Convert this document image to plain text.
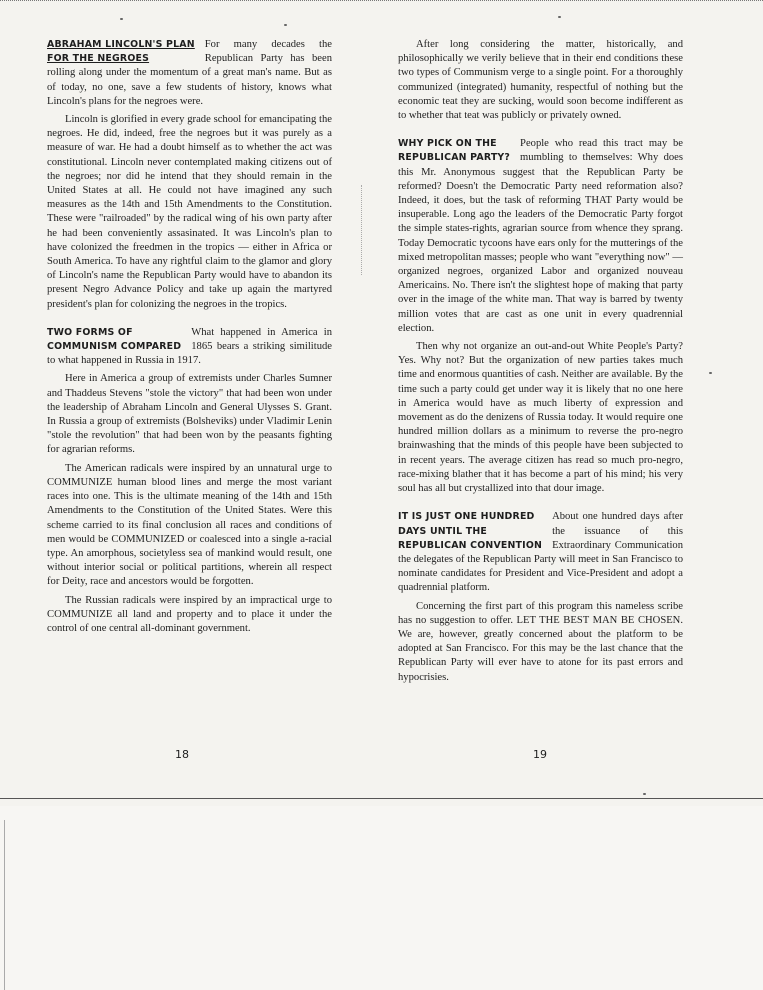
ABRAHAM LINCOLN'S PLAN
FOR THE NEGROES

For many decades the Republican Party has been rolling along under the momentum of a great man's name. But as of today, no one, save a few students of history, knows what Lincoln's plans for the negroes were.

Lincoln is glorified in every grade school for emancipating the negroes. He did, indeed, free the negroes but it was purely as a measure of war. He had a doubt himself as to whether the act was constitutional. Lincoln never contemplated making citizens out of the negroes; nor did he intend that they should remain in the United States at all. He could not have imagined any such measures as the 14th and 15th Amendments to the Constitution. These were "railroaded" by the radical wing of his own party after he had been conveniently assasinated. It was Lincoln's plan to have colonized the freedmen in the tropics — either in Africa or South America. To have any rightful claim to the glamor and glory of Lincoln's name the Republican Party would have to abandon its present Negro Advance Policy and take up again the martyred president's plan for colonizing the negroes in the tropics.

TWO FORMS OF
COMMUNISM COMPARED

What happened in America in 1865 bears a striking similitude to what happened in Russia in 1917.

Here in America a group of extremists under Charles Sumner and Thaddeus Stevens "stole the victory" that had been won under the leadership of Abraham Lincoln and General Ulysses S. Grant. In Russia a group of extremists (Bolsheviks) under Vladimir Lenin "stole the revolution" that had been won by the peasants fighting for agrarian reforms.

The American radicals were inspired by an unnatural urge to COMMUNIZE human blood lines and merge the most variant races into one. This is the ultimate meaning of the 14th and 15th Amendments to the Constitution of the United States. Were this scheme carried to its final conclusion all races and conditions of men would be COMMUNIZED or coalesced into a single a-racial type. An amorphous, societyless sea of mankind would result, one without interior social or political partitions, wherein all respect for Deity, race and ancestors would be forgotten.

The Russian radicals were inspired by an impractical urge to COMMUNIZE all land and property and to place it under the control of one central all-dominant government.

18

After long considering the matter, historically, and philosophically we verily believe that in their end conditions these two types of Communism verge to a single point. For a thoroughly communized (integrated) humanity, respectful of nothing but the economic teat they are sucking, would soon become indifferent as to whether that teat was publicly or privately owned.

WHY PICK ON THE
REPUBLICAN PARTY?

People who read this tract may be mumbling to themselves: Why does this Mr. Anonymous suggest that the Republican Party be reformed? Doesn't the Democratic Party need reformation also? Indeed, it does, but the task of reforming THAT Party would be insuperable. Long ago the leaders of the Democratic Party forgot the simple states-rights, agrarian source from whence they sprang. Today Democratic tycoons have ears only for the mutterings of the mixed metropolitan masses; people who want "everything now" — organized negroes, organized Labor and organized nouveau Americains. No. There isn't the slightest hope of making that party over in the image of the white man. That way is barred by twenty million votes that are cast as one unit in every quadrennial election.

Then why not organize an out-and-out White People's Party? Yes. Why not? But the organization of new parties takes much time and enormous quantities of cash. Neither are available. By the time such a party could get under way it is likely that no one here in America would have as much liberty of expression and movement as do the denizens of Russia today. It would require one hundred million dollars as a minimum to reverse the pro-negro brainwashing that the minds of this people have been subjected to in recent years. The average citizen has read so much pro-negro, race-mixing blather that it has become a part of his mind; his very soul has all but crystallized into that dour image.

IT IS JUST ONE HUNDRED
DAYS UNTIL THE
REPUBLICAN CONVENTION

About one hundred days after the issuance of this Extraordinary Communication the delegates of the Republican Party will meet in San Francisco to nominate candidates for President and Vice-President and adopt a quadrennial platform.

Concerning the first part of this program this nameless scribe has no suggestion to offer. LET THE BEST MAN BE CHOSEN. We are, however, greatly concerned about the platform to be adopted at San Francisco. For this may be the last chance that the Republican Party will ever have to atone for its past errors and hypocrisies.

19
